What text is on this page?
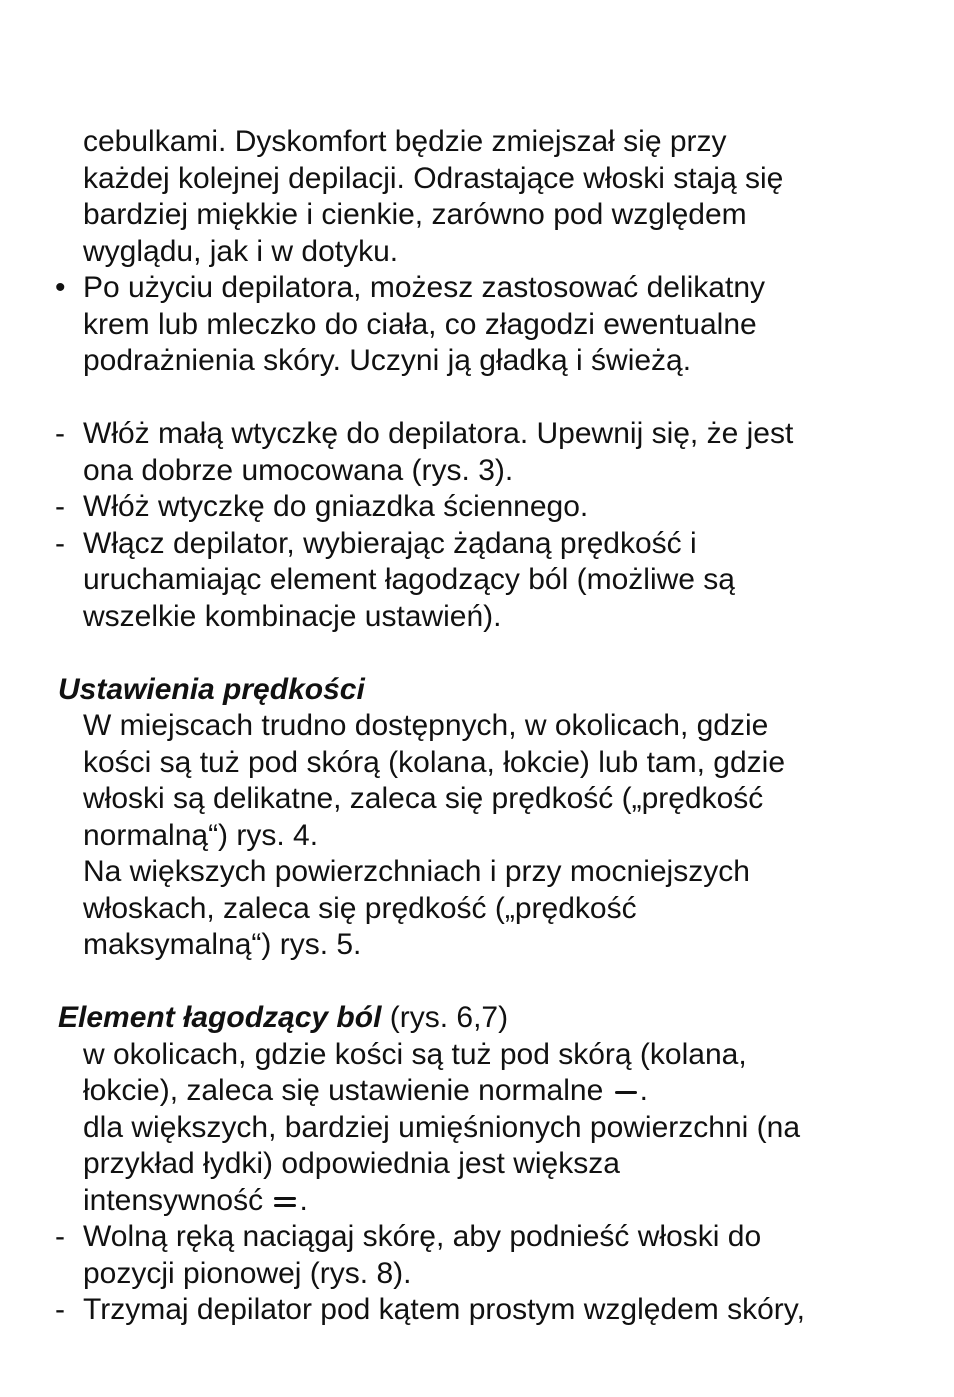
cebulkami. Dyskomfort będzie zmiejszał się przy
każdej kolejnej depilacji. Odrastające włoski stają się
bardziej miękkie i cienkie, zarówno pod względem
wyglądu, jak i w dotyku.
• Po użyciu depilatora, możesz zastosować delikatny
krem lub mleczko do ciała, co złagodzi ewentualne
podrażnienia skóry. Uczyni ją gładką i świeżą.
- Włóż małą wtyczkę do depilatora. Upewnij się, że jest
ona dobrze umocowana (rys. 3).
- Włóż wtyczkę do gniazdka ściennego.
- Włącz depilator, wybierając żądaną prędkość i
uruchamiając element łagodzący ból (możliwe są
wszelkie kombinacje ustawień).
Ustawienia prędkości
W miejscach trudno dostępnych, w okolicach, gdzie
kości są tuż pod skórą (kolana, łokcie) lub tam, gdzie
włoski są delikatne, zaleca się prędkość („prędkość
normalną“) rys. 4.
Na większych powierzchniach i przy mocniejszych
włoskach, zaleca się prędkość („prędkość
maksymalną“) rys. 5.
Element łagodzący ból (rys. 6,7)
w okolicach, gdzie kości są tuż pod skórą (kolana,
łokcie), zaleca się ustawienie normalne
.
dla większych, bardziej umięśnionych powierzchni (na
przykład łydki) odpowiednia jest większa
intensywność
.
- Wolną ręką naciągaj skórę, aby podnieść włoski do
pozycji pionowej (rys. 8).
- Trzymaj depilator pod kątem prostym względem skóry,
